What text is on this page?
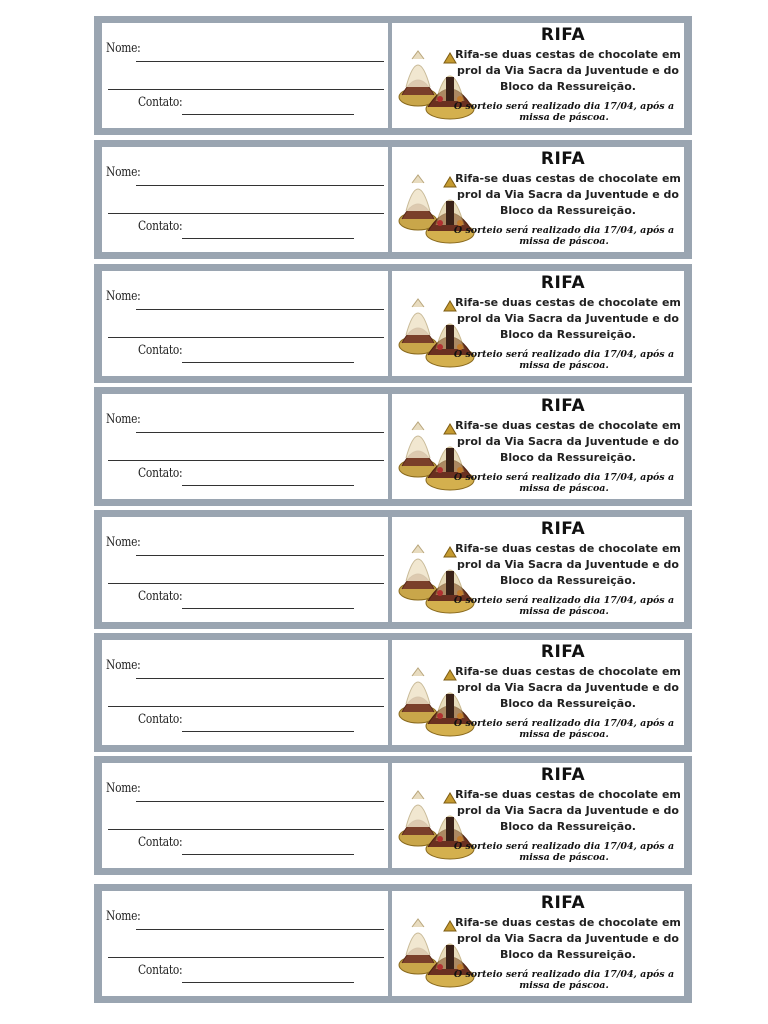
Nome:
Contato:
RIFA
Rifa-se duas cestas de chocolate em prol da Via Sacra da Juventude e do Bloco da Ressureição.
O sorteio será realizado dia 17/04, após a missa de páscoa.
Nome:
Contato:
RIFA
Rifa-se duas cestas de chocolate em prol da Via Sacra da Juventude e do Bloco da Ressureição.
O sorteio será realizado dia 17/04, após a missa de páscoa.
Nome:
Contato:
RIFA
Rifa-se duas cestas de chocolate em prol da Via Sacra da Juventude e do Bloco da Ressureição.
O sorteio será realizado dia 17/04, após a missa de páscoa.
Nome:
Contato:
RIFA
Rifa-se duas cestas de chocolate em prol da Via Sacra da Juventude e do Bloco da Ressureição.
O sorteio será realizado dia 17/04, após a missa de páscoa.
Nome:
Contato:
RIFA
Rifa-se duas cestas de chocolate em prol da Via Sacra da Juventude e do Bloco da Ressureição.
O sorteio será realizado dia 17/04, após a missa de páscoa.
Nome:
Contato:
RIFA
Rifa-se duas cestas de chocolate em prol da Via Sacra da Juventude e do Bloco da Ressureição.
O sorteio será realizado dia 17/04, após a missa de páscoa.
Nome:
Contato:
RIFA
Rifa-se duas cestas de chocolate em prol da Via Sacra da Juventude e do Bloco da Ressureição.
O sorteio será realizado dia 17/04, após a missa de páscoa.
Nome:
Contato:
RIFA
Rifa-se duas cestas de chocolate em prol da Via Sacra da Juventude e do Bloco da Ressureição.
O sorteio será realizado dia 17/04, após a missa de páscoa.
